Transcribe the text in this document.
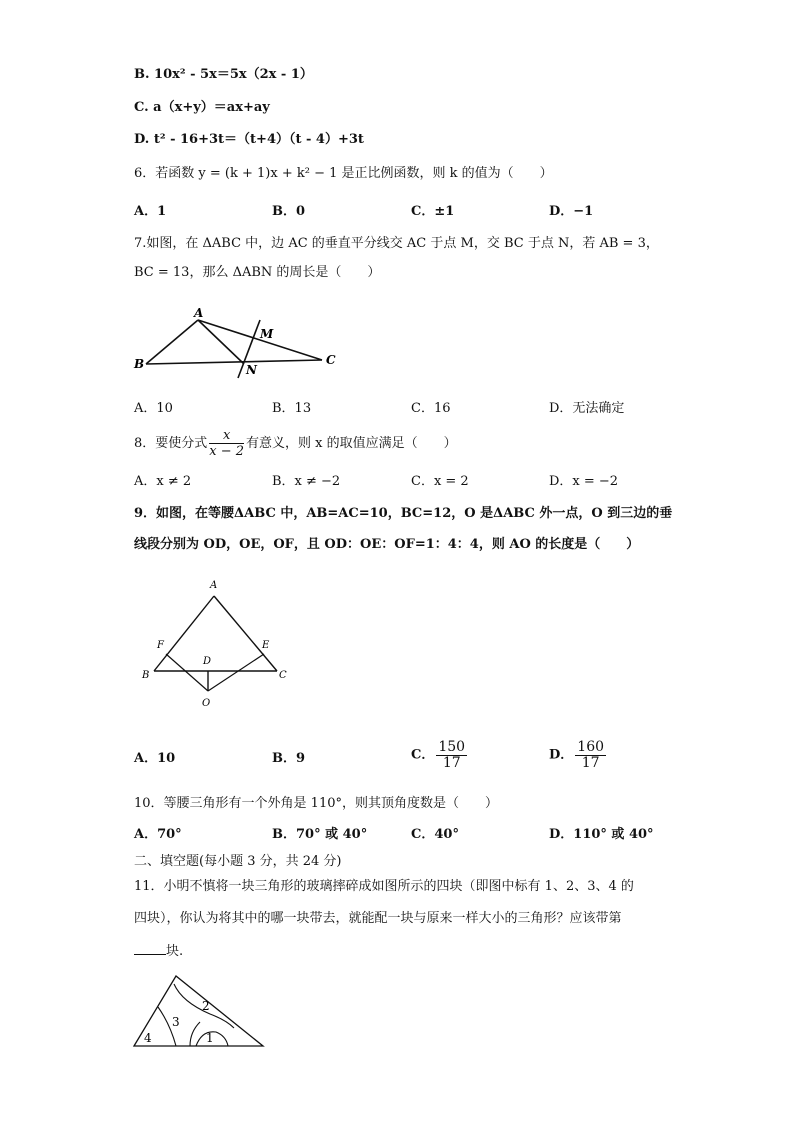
B. 10x² - 5x＝5x（2x - 1）
C. a（x+y）＝ax+ay
D. t² - 16+3t＝（t+4）（t - 4）+3t
6．若函数 y = (k + 1)x + k² − 1 是正比例函数，则 k 的值为（　　）
A．1	B．0	C．±1	D．−1
7.如图，在 ΔABC 中，边 AC 的垂直平分线交 AC 于点 M，交 BC 于点 N，若 AB = 3，
BC = 13，那么 ΔABN 的周长是（　　）
A
B	C
M
N
A．10	B．13	C．16	D．无法确定
8．要使分式 $\frac{x}{x - 2}$ 有意义，则 x 的取值应满足（　　）
A．x ≠ 2	B．x ≠ −2	C．x = 2	D．x = −2
9．如图，在等腰ΔABC 中，AB=AC=10，BC=12，O 是ΔABC 外一点，O 到三边的垂
线段分别为 OD，OE，OF，且 OD：OE：OF=1：4：4，则 AO 的长度是（　　）
A
B	C
D
E
F
O
A．10	B．9	C． $\frac{150}{17}$	D． $\frac{160}{17}$
10．等腰三角形有一个外角是 110°，则其顶角度数是（　　）
A．70°	B．70° 或 40°	C．40°	D．110° 或 40°
二、填空题(每小题 3 分，共 24 分)
11．小明不慎将一块三角形的玻璃摔碎成如图所示的四块（即图中标有 1、2、3、4 的
四块），你认为将其中的哪一块带去，就能配一块与原来一样大小的三角形？应该带第
块.
1
2
3
4
